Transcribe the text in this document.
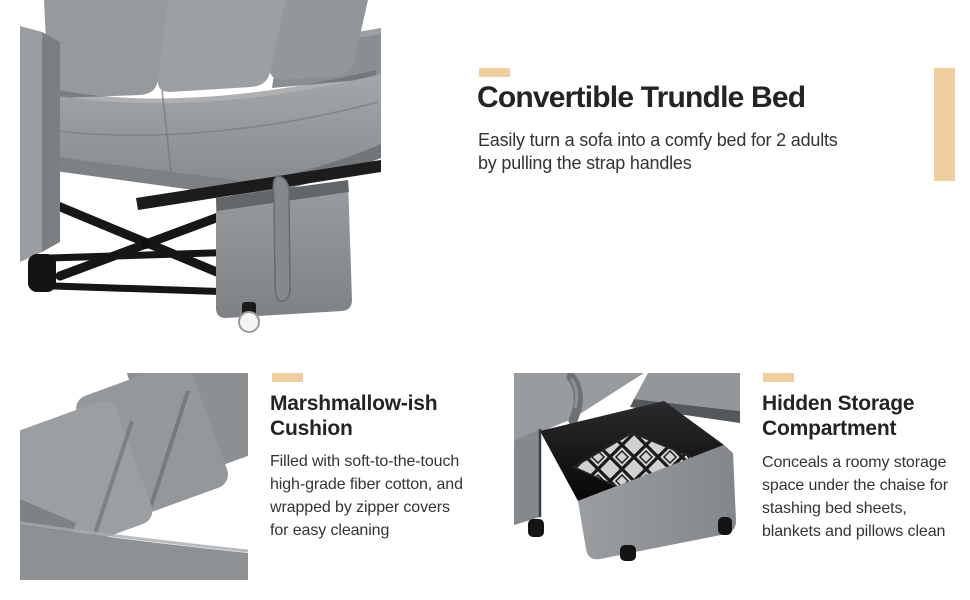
Convertible Trundle Bed

Easily turn a sofa into a comfy bed for 2 adults
by pulling the strap handles

Marshmallow-ish
Cushion

Filled with soft-to-the-touch
high-grade fiber cotton, and
wrapped by zipper covers
for easy cleaning

Hidden Storage
Compartment

Conceals a roomy storage
space under the chaise for
stashing bed sheets,
blankets and pillows clean
